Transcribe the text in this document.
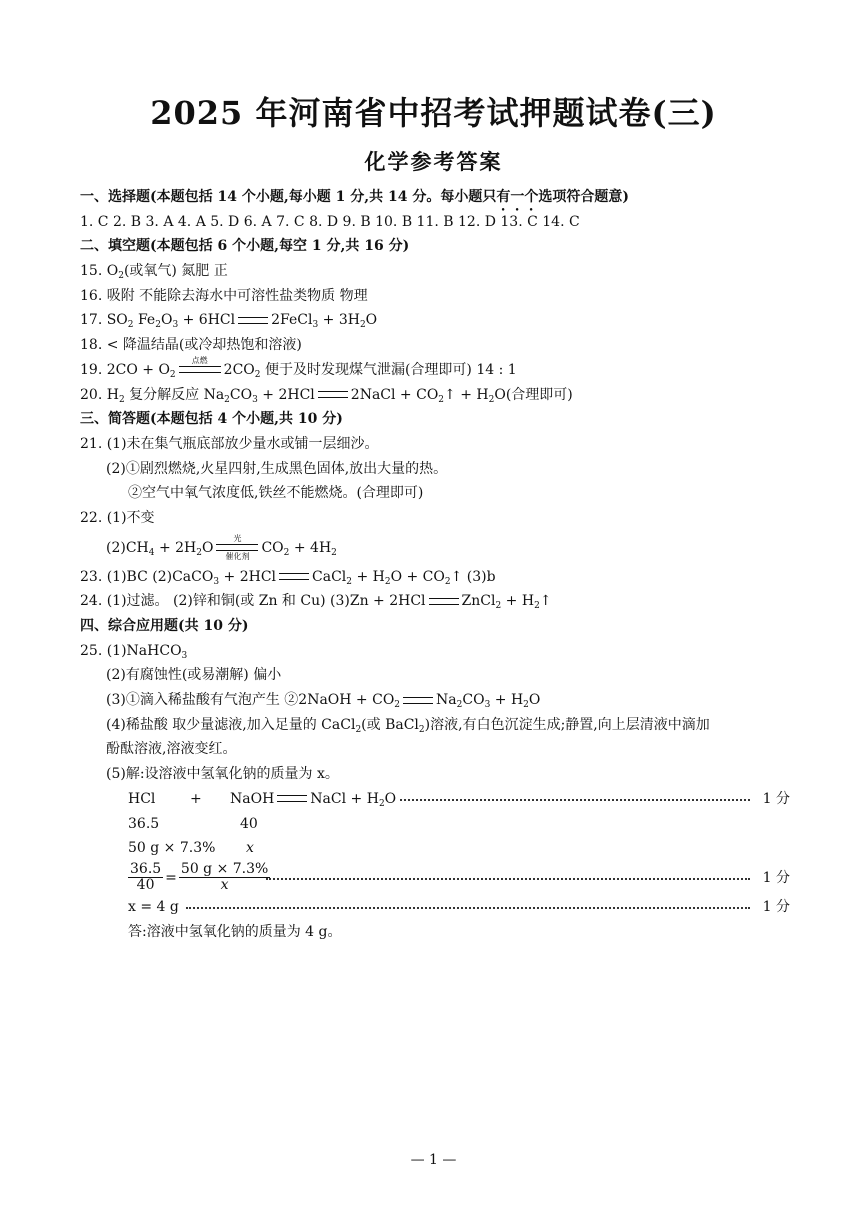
2025 年河南省中招考试押题试卷(三)
化学参考答案
一、选择题(本题包括 14 个小题,每小题 1 分,共 14 分。每小题只有一个选项符合题意)
1. C 2. B 3. A 4. A 5. D 6. A 7. C 8. D 9. B 10. B 11. B 12. D 13. C 14. C
二、填空题(本题包括 6 个小题,每空 1 分,共 16 分)
15. $O_2$(或氧气) 氮肥 正
16. 吸附 不能除去海水中可溶性盐类物质 物理
17. $SO_2$ $Fe_2O_3 + 6HCl$	2FeCl$_3$ + $3H_2O$
18. < 降温结晶(或冷却热饱和溶液)
19. $2CO + O_2$
点燃
$2CO_2$ 便于及时发现煤气泄漏(合理即可) 14 : 1
20. $H_2$ 复分解反应 $Na_2CO_3 + 2HCl$	2NaCl + $CO_2↑ + H_2O$(合理即可)
三、简答题(本题包括 4 个小题,共 10 分)
21. (1)未在集气瓶底部放少量水或铺一层细沙。
(2)①剧烈燃烧,火星四射,生成黑色固体,放出大量的热。
②空气中氧气浓度低,铁丝不能燃烧。(合理即可)
22. (1)不变
$(2)CH_4 + 2H_2O$
光
催化剂
$CO_2 + 4H_2$
23. (1)BC (2)CaCO$_3$ + 2HCl	CaCl$_2$ + $H_2O$ + $CO_2↑$ (3)b
24. (1)过滤。 (2)锌和铜(或 Zn 和 Cu) (3)Zn + 2HCl	ZnCl$_2$ + $H_2↑$
四、综合应用题(共 10 分)
25. (1)NaHCO$_3$
(2)有腐蚀性(或易潮解) 偏小
(3)①滴入稀盐酸有气泡产生 ②2NaOH + $CO_2$	$Na_2CO_3 + H_2O$
(4)稀盐酸 取少量滤液,加入足量的 CaCl$_2$(或 BaCl$_2$)溶液,有白色沉淀生成;静置,向上层清液中滴加
酚酞溶液,溶液变红。
(5)解:设溶液中氢氧化钠的质量为 x。
HCl + NaOH	NaCl + $H_2O$	1 分
36.5	40
50 g × 7.3% x
$\frac{36.5}{40} = \frac{50 g \times 7.3\%}{x}$	1 分
x = 4 g	1 分
答:溶液中氢氧化钠的质量为 4 g。
— 1 —
